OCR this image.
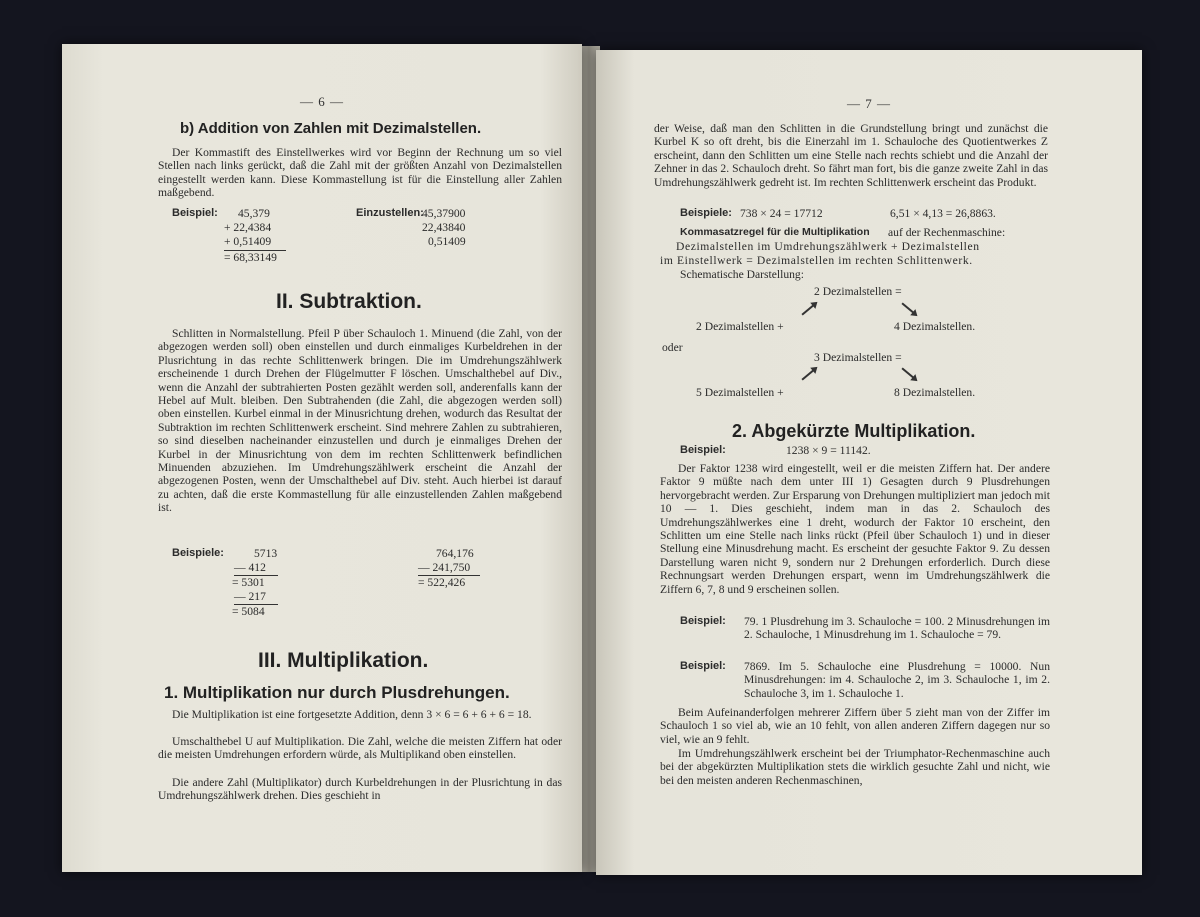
— 6 —
b) Addition von Zahlen mit Dezimalstellen.
Der Kommastift des Einstellwerkes wird vor Beginn der Rechnung um so viel Stellen nach links gerückt, daß die Zahl mit der größten Anzahl von Dezimalstellen eingestellt werden kann. Diese Kommastellung ist für die Einstellung aller Zahlen maßgebend.
Beispiel: 45,379
+ 22,4384
+ 0,51409
= 68,33149
Einzustellen:
45,37900
22,43840
0,51409
II. Subtraktion.
Schlitten in Normalstellung. Pfeil P über Schauloch 1. Minuend (die Zahl, von der abgezogen werden soll) oben einstellen und durch einmaliges Kurbeldrehen in der Plusrichtung in das rechte Schlittenwerk bringen. Die im Umdrehungszählwerk erscheinende 1 durch Drehen der Flügelmutter F löschen. Umschalthebel auf Div., wenn die Anzahl der subtrahierten Posten gezählt werden soll, anderenfalls kann der Hebel auf Mult. bleiben. Den Subtrahenden (die Zahl, die abgezogen werden soll) oben einstellen. Kurbel einmal in der Minusrichtung drehen, wodurch das Resultat der Subtraktion im rechten Schlittenwerk erscheint. Sind mehrere Zahlen zu subtrahieren, so sind dieselben nacheinander einzustellen und durch je einmaliges Drehen der Kurbel in der Minusrichtung von dem im rechten Schlittenwerk befindlichen Minuenden abzuziehen. Im Umdrehungszählwerk erscheint die Anzahl der abgezogenen Posten, wenn der Umschalthebel auf Div. steht. Auch hierbei ist darauf zu achten, daß die erste Kommastellung für alle einzustellenden Zahlen maßgebend ist.
Beispiele:	5713
— 412
= 5301
— 217
= 5084
764,176
— 241,750
= 522,426
III. Multiplikation.
1. Multiplikation nur durch Plusdrehungen.
Die Multiplikation ist eine fortgesetzte Addition, denn 3 × 6 = 6 + 6 + 6 = 18.
Umschalthebel U auf Multiplikation. Die Zahl, welche die meisten Ziffern hat oder die meisten Umdrehungen erfordern würde, als Multiplikand oben einstellen.
Die andere Zahl (Multiplikator) durch Kurbeldrehungen in der Plusrichtung in das Umdrehungszählwerk drehen. Dies geschieht in
— 7 —
der Weise, daß man den Schlitten in die Grundstellung bringt und zunächst die Kurbel K so oft dreht, bis die Einerzahl im 1. Schauloche des Quotientwerkes Z erscheint, dann den Schlitten um eine Stelle nach rechts schiebt und die Anzahl der Zehner in das 2. Schauloch dreht. So fährt man fort, bis die ganze zweite Zahl in das Umdrehungszählwerk gedreht ist. Im rechten Schlittenwerk erscheint das Produkt.
Beispiele: 738 × 24 = 17712	6,51 × 4,13 = 26,8863.
Kommasatzregel für die Multiplikation auf der Rechenmaschine:
Dezimalstellen im Umdrehungszählwerk + Dezimalstellen
im Einstellwerk = Dezimalstellen im rechten Schlittenwerk.
Schematische Darstellung:
2 Dezimalstellen =
2 Dezimalstellen +	4 Dezimalstellen.
oder
3 Dezimalstellen =
5 Dezimalstellen +	8 Dezimalstellen.
2. Abgekürzte Multiplikation.
Beispiel:	1238 × 9 = 11142.
Der Faktor 1238 wird eingestellt, weil er die meisten Ziffern hat. Der andere Faktor 9 müßte nach dem unter III 1) Gesagten durch 9 Plusdrehungen hervorgebracht werden. Zur Ersparung von Drehungen multipliziert man jedoch mit 10 — 1. Dies geschieht, indem man in das 2. Schauloch des Umdrehungszählwerkes eine 1 dreht, wodurch der Faktor 10 erscheint, den Schlitten um eine Stelle nach links rückt (Pfeil über Schauloch 1) und in dieser Stellung eine Minusdrehung macht. Es erscheint der gesuchte Faktor 9. Zu dessen Darstellung waren nicht 9, sondern nur 2 Drehungen erforderlich. Durch diese Rechnungsart werden Drehungen erspart, wenn im Umdrehungszählwerk die Ziffern 6, 7, 8 und 9 erscheinen sollen.
Beispiel: 79. 1 Plusdrehung im 3. Schauloche = 100. 2 Minusdrehungen im 2. Schauloche, 1 Minusdrehung im 1. Schauloche = 79.
Beispiel: 7869. Im 5. Schauloche eine Plusdrehung = 10000. Nun Minusdrehungen: im 4. Schauloche 2, im 3. Schauloche 1, im 2. Schauloche 3, im 1. Schauloche 1.
Beim Aufeinanderfolgen mehrerer Ziffern über 5 zieht man von der Ziffer im Schauloch 1 so viel ab, wie an 10 fehlt, von allen anderen Ziffern dagegen nur so viel, wie an 9 fehlt.
Im Umdrehungszählwerk erscheint bei der Triumphator-Rechenmaschine auch bei der abgekürzten Multiplikation stets die wirklich gesuchte Zahl und nicht, wie bei den meisten anderen Rechenmaschinen,
